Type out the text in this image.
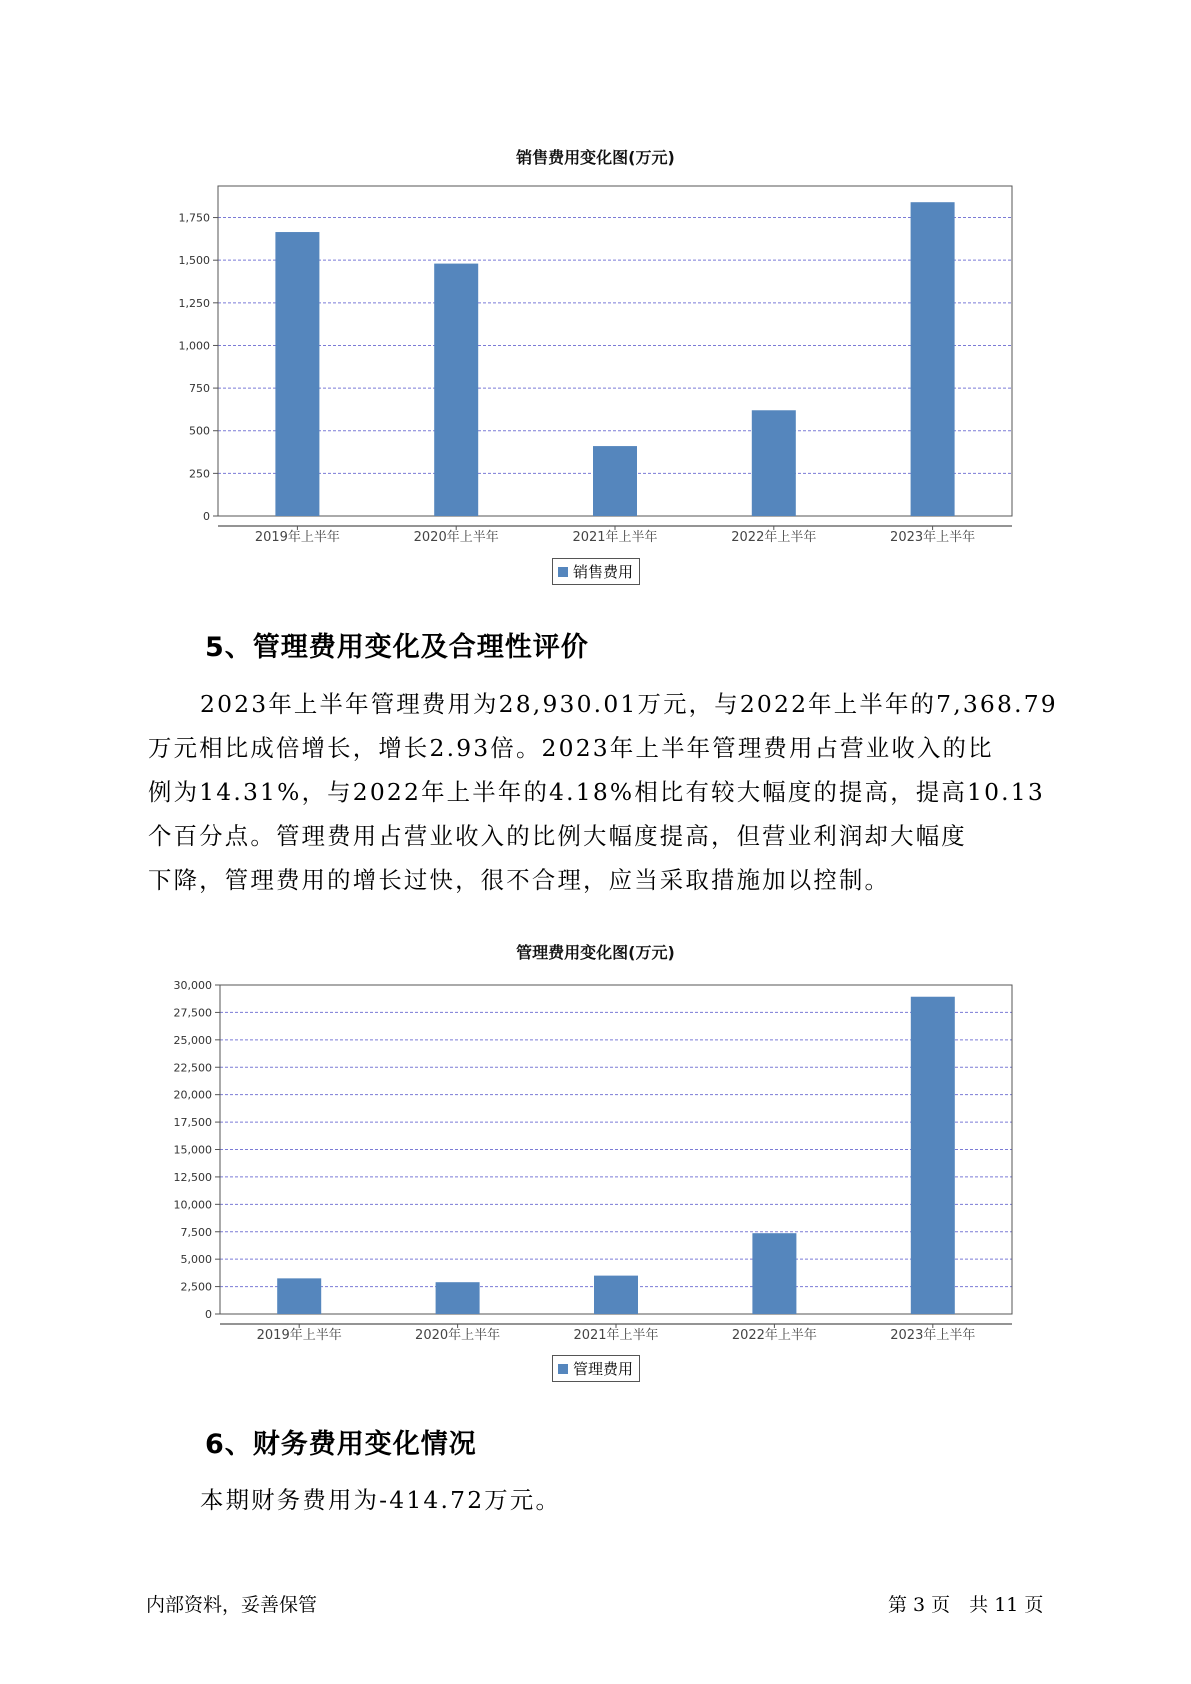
销售费用变化图(万元)
0
250
500
750
1,000
1,250
1,500
1,750
2019年上半年	2020年上半年	2021年上半年	2022年上半年	2023年上半年
销售费用
5、管理费用变化及合理性评价
2023年上半年管理费用为28,930.01万元，与2022年上半年的7,368.79
万元相比成倍增长，增长2.93倍。2023年上半年管理费用占营业收入的比
例为14.31%，与2022年上半年的4.18%相比有较大幅度的提高，提高10.13
个百分点。管理费用占营业收入的比例大幅度提高，但营业利润却大幅度
下降，管理费用的增长过快，很不合理，应当采取措施加以控制。
管理费用变化图(万元)
0
2,500
5,000
7,500
10,000
12,500
15,000
17,500
20,000
22,500
25,000
27,500
30,000
2019年上半年	2020年上半年	2021年上半年	2022年上半年	2023年上半年
管理费用
6、财务费用变化情况
本期财务费用为-414.72万元。
内部资料，妥善保管	第 3 页　共 11 页
